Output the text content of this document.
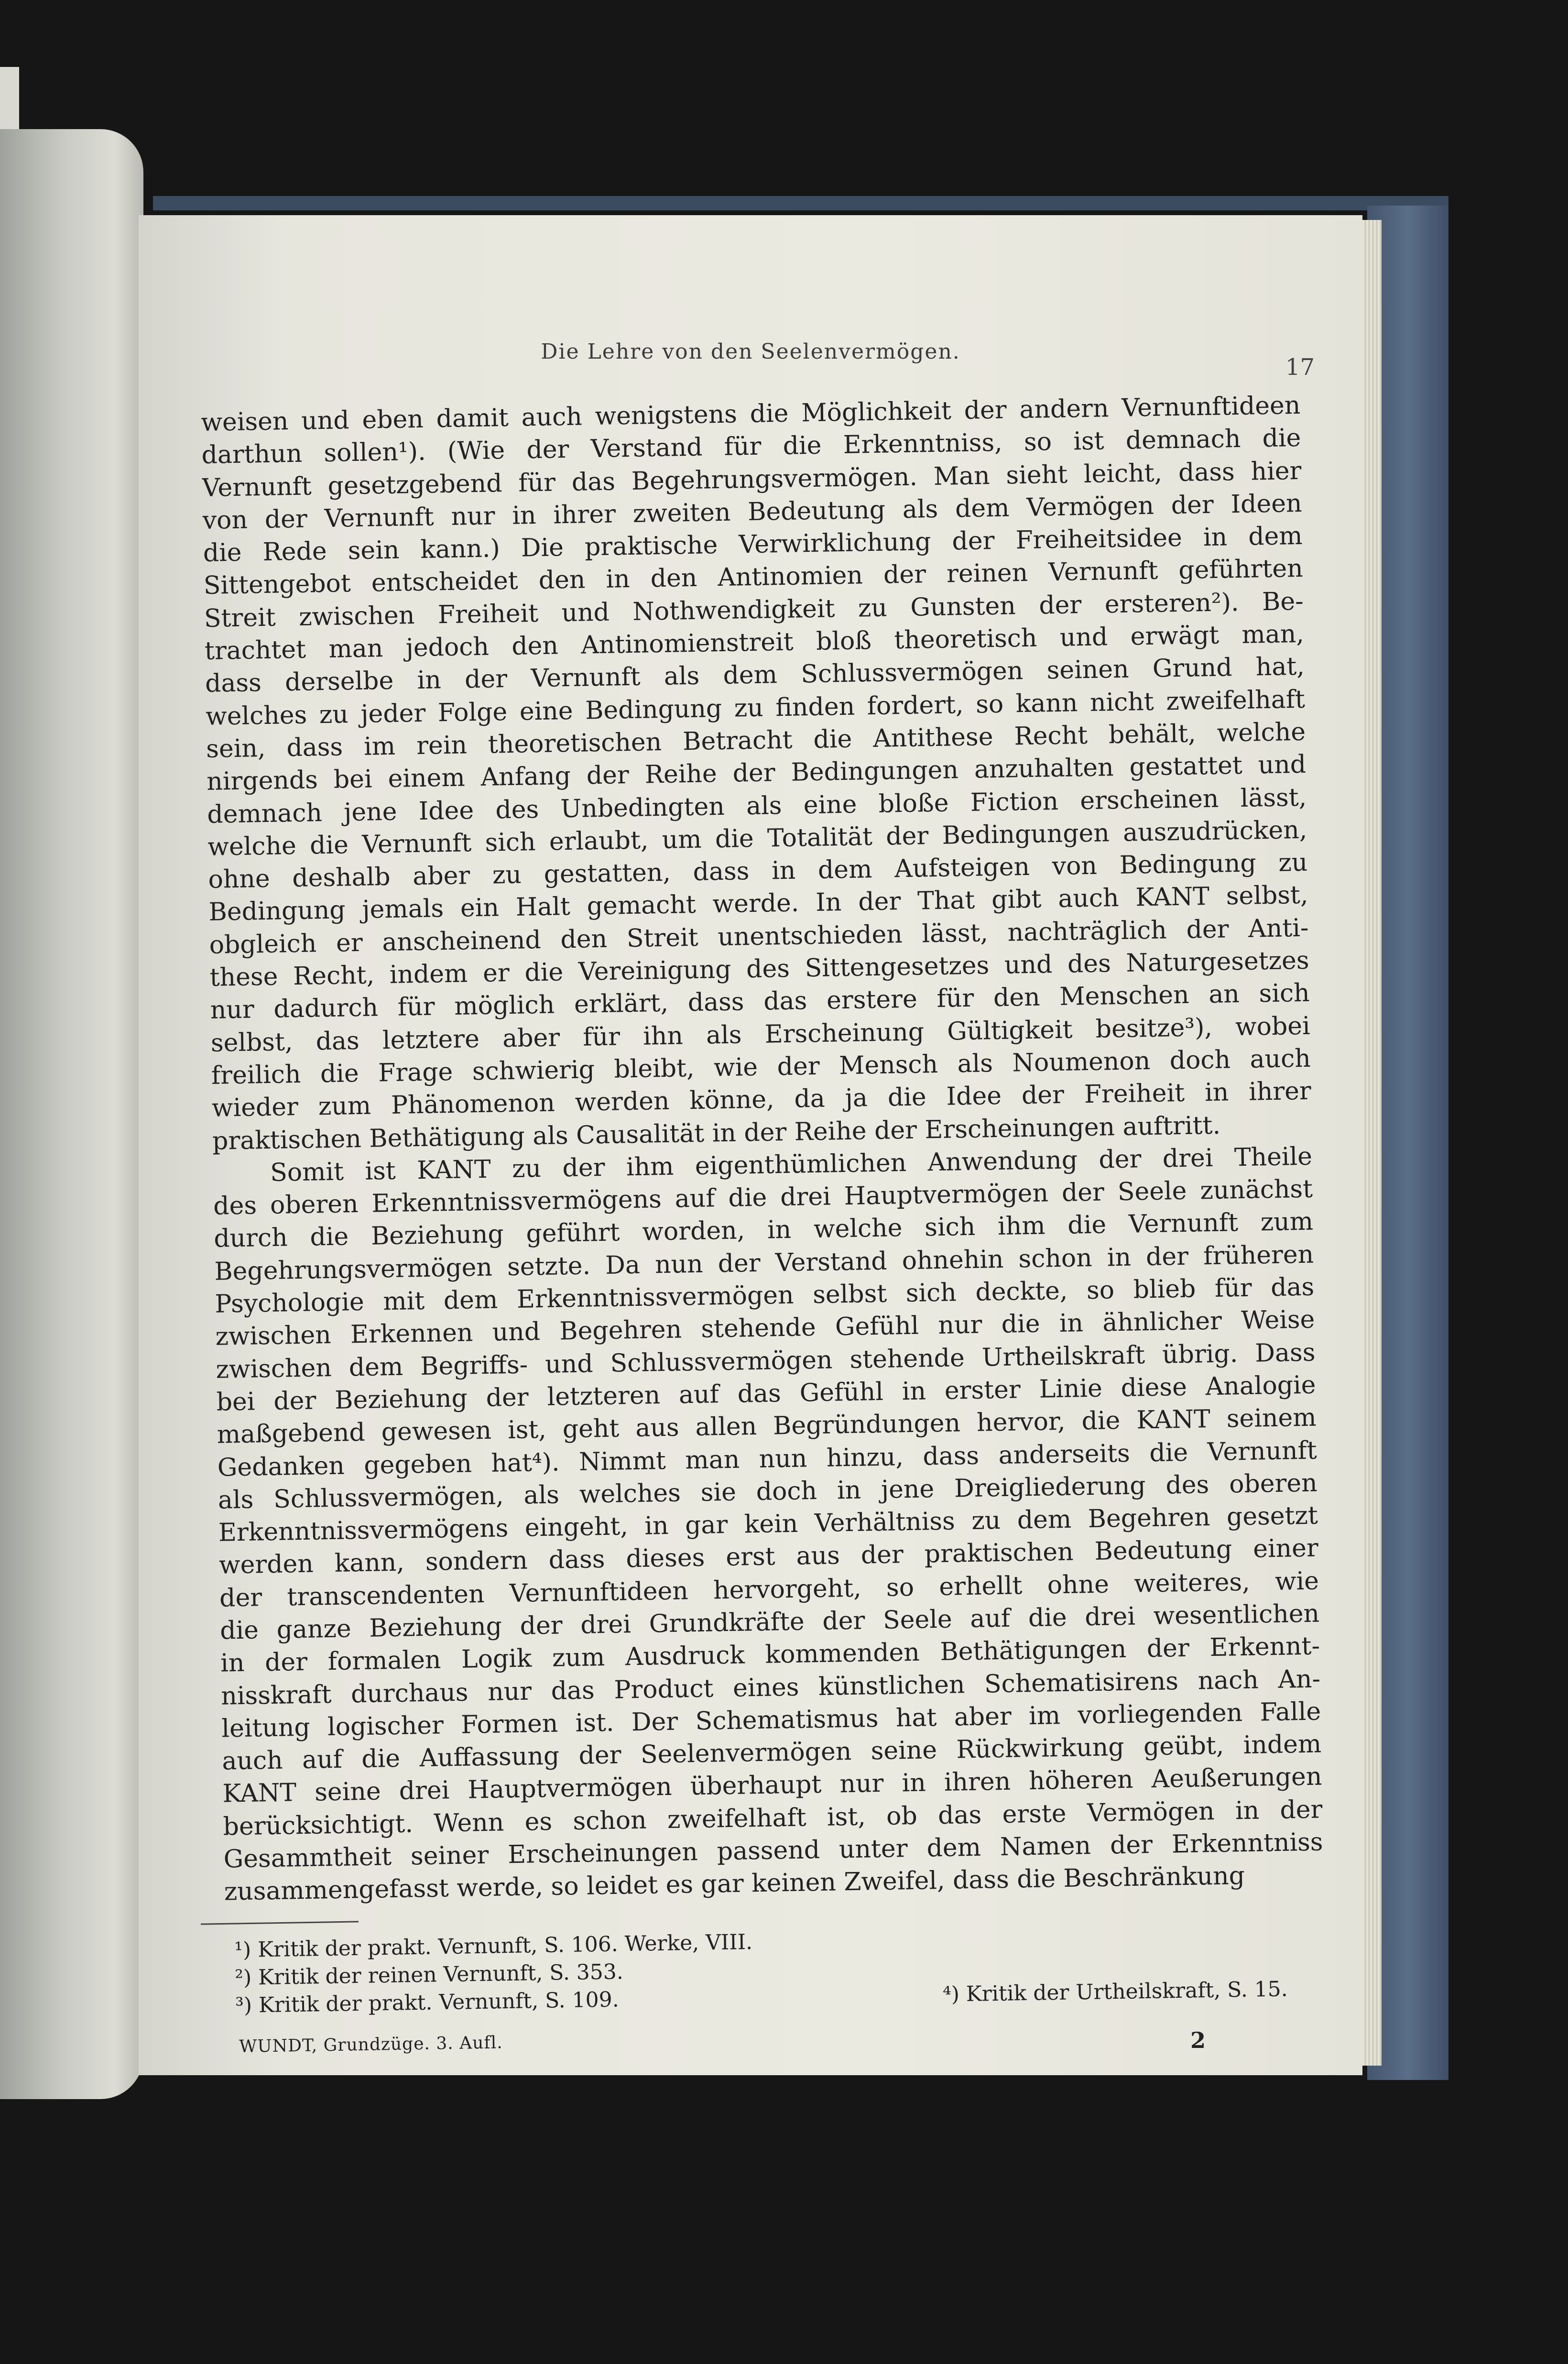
Die Lehre von den Seelenvermögen.
17
weisen und eben damit auch wenigstens die Möglichkeit der andern Vernunftideen
darthun sollen¹). (Wie der Verstand für die Erkenntniss, so ist demnach die
Vernunft gesetzgebend für das Begehrungsvermögen. Man sieht leicht, dass hier
von der Vernunft nur in ihrer zweiten Bedeutung als dem Vermögen der Ideen
die Rede sein kann.) Die praktische Verwirklichung der Freiheitsidee in dem
Sittengebot entscheidet den in den Antinomien der reinen Vernunft geführten
Streit zwischen Freiheit und Nothwendigkeit zu Gunsten der ersteren²). Be-
trachtet man jedoch den Antinomienstreit bloß theoretisch und erwägt man,
dass derselbe in der Vernunft als dem Schlussvermögen seinen Grund hat,
welches zu jeder Folge eine Bedingung zu finden fordert, so kann nicht zweifelhaft
sein, dass im rein theoretischen Betracht die Antithese Recht behält, welche
nirgends bei einem Anfang der Reihe der Bedingungen anzuhalten gestattet und
demnach jene Idee des Unbedingten als eine bloße Fiction erscheinen lässt,
welche die Vernunft sich erlaubt, um die Totalität der Bedingungen auszudrücken,
ohne deshalb aber zu gestatten, dass in dem Aufsteigen von Bedingung zu
Bedingung jemals ein Halt gemacht werde. In der That gibt auch KANT selbst,
obgleich er anscheinend den Streit unentschieden lässt, nachträglich der Anti-
these Recht, indem er die Vereinigung des Sittengesetzes und des Naturgesetzes
nur dadurch für möglich erklärt, dass das erstere für den Menschen an sich
selbst, das letztere aber für ihn als Erscheinung Gültigkeit besitze³), wobei
freilich die Frage schwierig bleibt, wie der Mensch als Noumenon doch auch
wieder zum Phänomenon werden könne, da ja die Idee der Freiheit in ihrer
praktischen Bethätigung als Causalität in der Reihe der Erscheinungen auftritt.
Somit ist KANT zu der ihm eigenthümlichen Anwendung der drei Theile
des oberen Erkenntnissvermögens auf die drei Hauptvermögen der Seele zunächst
durch die Beziehung geführt worden, in welche sich ihm die Vernunft zum
Begehrungsvermögen setzte. Da nun der Verstand ohnehin schon in der früheren
Psychologie mit dem Erkenntnissvermögen selbst sich deckte, so blieb für das
zwischen Erkennen und Begehren stehende Gefühl nur die in ähnlicher Weise
zwischen dem Begriffs- und Schlussvermögen stehende Urtheilskraft übrig. Dass
bei der Beziehung der letzteren auf das Gefühl in erster Linie diese Analogie
maßgebend gewesen ist, geht aus allen Begründungen hervor, die KANT seinem
Gedanken gegeben hat⁴). Nimmt man nun hinzu, dass anderseits die Vernunft
als Schlussvermögen, als welches sie doch in jene Dreigliederung des oberen
Erkenntnissvermögens eingeht, in gar kein Verhältniss zu dem Begehren gesetzt
werden kann, sondern dass dieses erst aus der praktischen Bedeutung einer
der transcendenten Vernunftideen hervorgeht, so erhellt ohne weiteres, wie
die ganze Beziehung der drei Grundkräfte der Seele auf die drei wesentlichen
in der formalen Logik zum Ausdruck kommenden Bethätigungen der Erkennt-
nisskraft durchaus nur das Product eines künstlichen Schematisirens nach An-
leitung logischer Formen ist. Der Schematismus hat aber im vorliegenden Falle
auch auf die Auffassung der Seelenvermögen seine Rückwirkung geübt, indem
KANT seine drei Hauptvermögen überhaupt nur in ihren höheren Aeußerungen
berücksichtigt. Wenn es schon zweifelhaft ist, ob das erste Vermögen in der
Gesammtheit seiner Erscheinungen passend unter dem Namen der Erkenntniss
zusammengefasst werde, so leidet es gar keinen Zweifel, dass die Beschränkung
¹) Kritik der prakt. Vernunft, S. 106. Werke, VIII.
²) Kritik der reinen Vernunft, S. 353.
³) Kritik der prakt. Vernunft, S. 109.	⁴) Kritik der Urtheilskraft, S. 15.
WUNDT, Grundzüge. 3. Aufl.	2
